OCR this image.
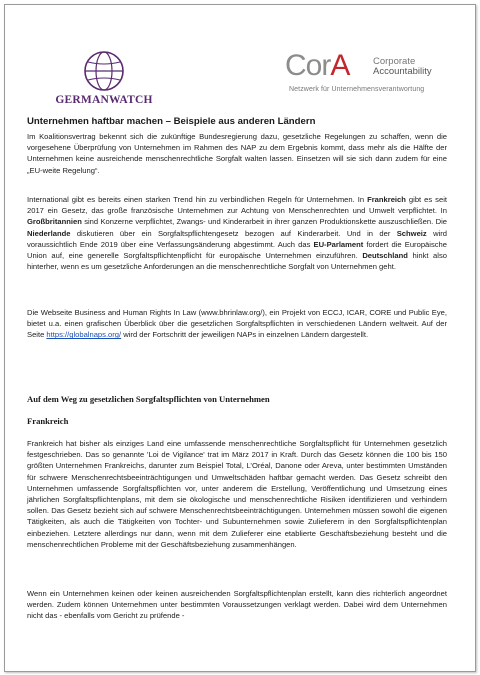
GERMANWATCH
CorA Corporate
Accountability
Netzwerk für Unternehmensverantwortung
Unternehmen haftbar machen – Beispiele aus anderen Ländern

Im Koalitionsvertrag bekennt sich die zukünftige Bundesregierung dazu, gesetzliche Regelungen zu schaffen, wenn die vorgesehene Überprüfung von Unternehmen im Rahmen des NAP zu dem Ergebnis kommt, dass mehr als die Hälfte der Unternehmen keine ausreichende menschenrechtliche Sorgfalt walten lassen. Einsetzen will sie sich dann zudem für eine „EU-weite Regelung“.

International gibt es bereits einen starken Trend hin zu verbindlichen Regeln für Unternehmen. In Frankreich gibt es seit 2017 ein Gesetz, das große französische Unternehmen zur Achtung von Menschenrechten und Umwelt verpflichtet. In Großbritannien sind Konzerne verpflichtet, Zwangs- und Kinderarbeit in ihrer ganzen Produktionskette auszuschließen. Die Niederlande diskutieren über ein Sorgfaltspflichtengesetz bezogen auf Kinderarbeit. Und in der Schweiz wird voraussichtlich Ende 2019 über eine Verfassungsänderung abgestimmt. Auch das EU-Parlament fordert die Europäische Union auf, eine generelle Sorgfaltspflichtenpflicht für europäische Unternehmen einzuführen. Deutschland hinkt also hinterher, wenn es um gesetzliche Anforderungen an die menschenrechtliche Sorgfalt von Unternehmen geht.

Die Webseite Business and Human Rights In Law (www.bhrinlaw.org/), ein Projekt von ECCJ, ICAR, CORE und Public Eye, bietet u.a. einen grafischen Überblick über die gesetzlichen Sorgfaltspflichten in verschiedenen Ländern weltweit. Auf der Seite https://globalnaps.org/ wird der Fortschritt der jeweiligen NAPs in einzelnen Ländern dargestellt.

Auf dem Weg zu gesetzlichen Sorgfaltspflichten von Unternehmen
Frankreich

Frankreich hat bisher als einziges Land eine umfassende menschenrechtliche Sorgfaltspflicht für Unternehmen gesetzlich festgeschrieben. Das so genannte 'Loi de Vigilance' trat im März 2017 in Kraft. Durch das Gesetz können die 100 bis 150 größten Unternehmen Frankreichs, darunter zum Beispiel Total, L’Oréal, Danone oder Areva, unter bestimmten Umständen für schwere Menschenrechtsbeeinträchtigungen und Umweltschäden haftbar gemacht werden. Das Gesetz schreibt den Unternehmen umfassende Sorgfaltspflichten vor, unter anderem die Erstellung, Veröffentlichung und Umsetzung eines jährlichen Sorgfaltspflichtenplans, mit dem sie ökologische und menschenrechtliche Risiken identifizieren und verhindern sollen. Das Gesetz bezieht sich auf schwere Menschenrechtsbeeinträchtigungen. Unternehmen müssen sowohl die eigenen Tätigkeiten, als auch die Tätigkeiten von Tochter- und Subunternehmen sowie Zulieferern in den Sorgfaltspflichtenplan einbeziehen. Letztere allerdings nur dann, wenn mit dem Zulieferer eine etablierte Geschäftsbeziehung besteht und die menschenrechtlichen Probleme mit der Geschäftsbeziehung zusammenhängen.

Wenn ein Unternehmen keinen oder keinen ausreichenden Sorgfaltspflichtenplan erstellt, kann dies richterlich angeordnet werden. Zudem können Unternehmen unter bestimmten Voraussetzungen verklagt werden. Dabei wird dem Unternehmen nicht das - ebenfalls vom Gericht zu prüfende -
